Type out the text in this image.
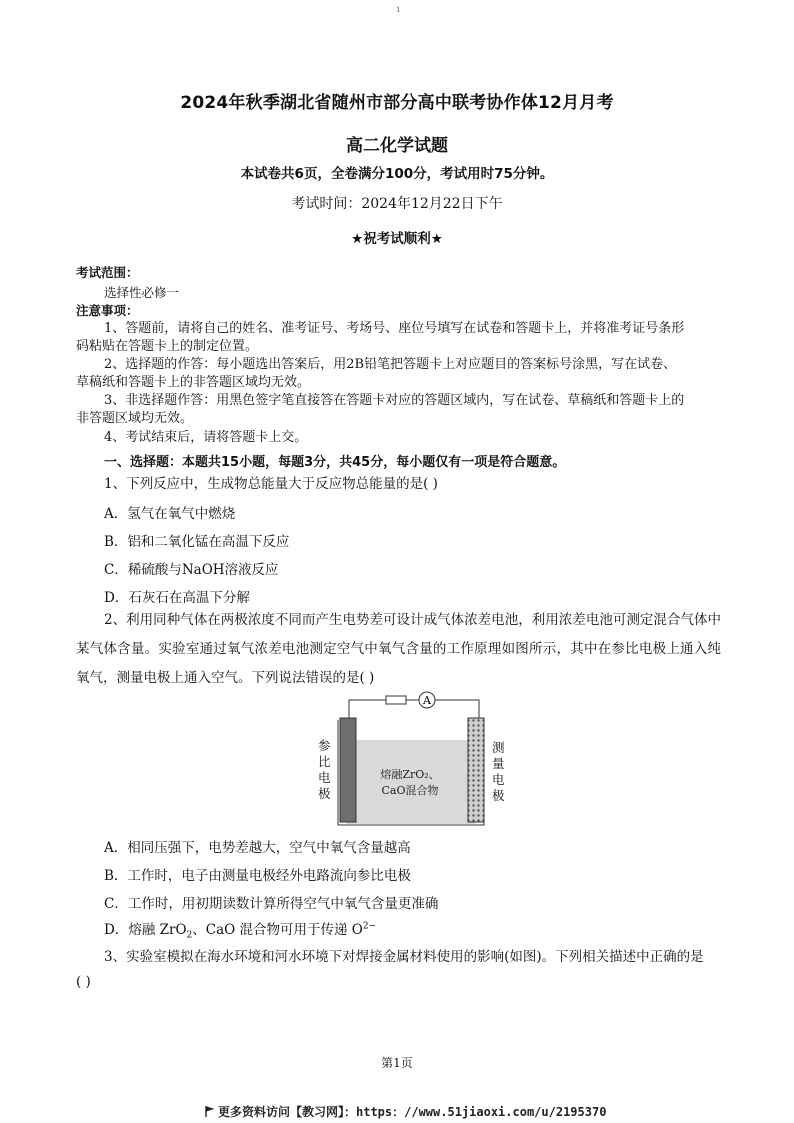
1
2024年秋季湖北省随州市部分高中联考协作体12月月考
高二化学试题
本试卷共6页，全卷满分100分，考试用时75分钟。
考试时间：2024年12月22日下午
★祝考试顺利★
考试范围：
选择性必修一
注意事项：
1、答题前，请将自己的姓名、准考证号、考场号、座位号填写在试卷和答题卡上，并将准考证号条形
码粘贴在答题卡上的制定位置。
2、选择题的作答：每小题选出答案后，用2B铅笔把答题卡上对应题目的答案标号涂黑，写在试卷、
草稿纸和答题卡上的非答题区域均无效。
3、非选择题作答：用黑色签字笔直接答在答题卡对应的答题区域内，写在试卷、草稿纸和答题卡上的
非答题区域均无效。
4、考试结束后，请将答题卡上交。
一、选择题：本题共15小题，每题3分，共45分，每小题仅有一项是符合题意。
1、下列反应中，生成物总能量大于反应物总能量的是( )
A．氢气在氧气中燃烧
B．铝和二氧化锰在高温下反应
C．稀硫酸与NaOH溶液反应
D．石灰石在高温下分解
2、利用同种气体在两极浓度不同而产生电势差可设计成气体浓差电池，利用浓差电池可测定混合气体中某气体含量。实验室通过氧气浓差电池测定空气中氧气含量的工作原理如图所示，其中在参比电极上通入纯氧气，测量电极上通入空气。下列说法错误的是( )
A
熔融ZrO₂、
CaO混合物
参比电极
测量电极
A．相同压强下，电势差越大，空气中氧气含量越高
B．工作时，电子由测量电极经外电路流向参比电极
C．工作时，用初期读数计算所得空气中氧气含量更准确
D．熔融 ZrO$_2$、CaO 混合物可用于传递 $O^{2-}$
3、实验室模拟在海水环境和河水环境下对焊接金属材料使用的影响(如图)。下列相关描述中正确的是
( )
第1页
更多资料访问【教习网】：https：//www.51jiaoxi.com/u/2195370
